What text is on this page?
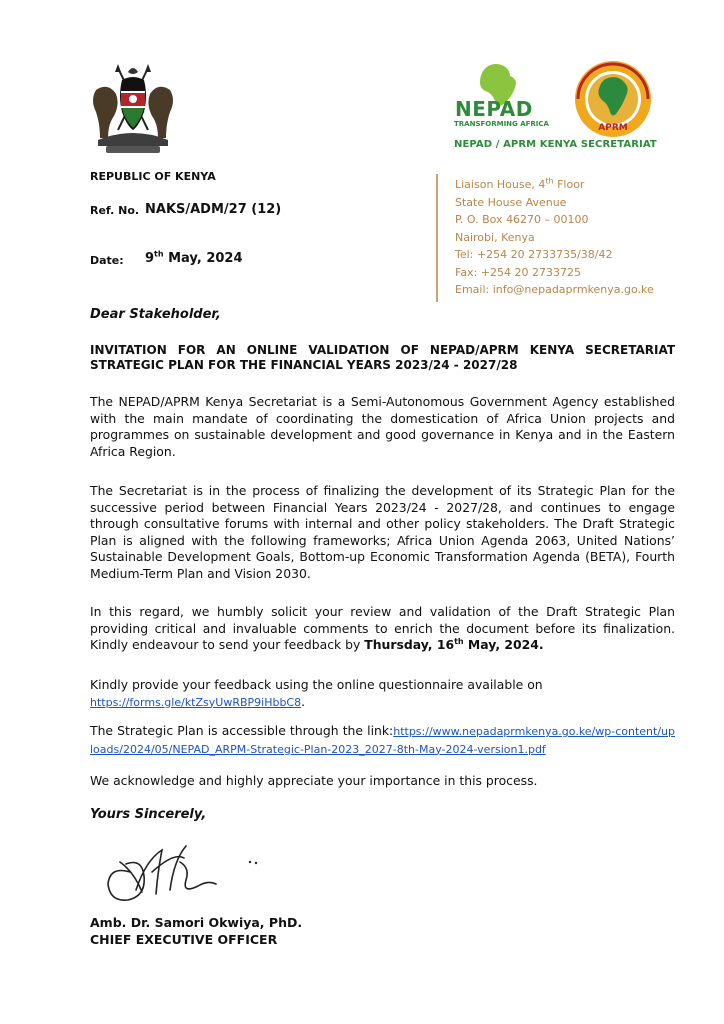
REPUBLIC OF KENYA
NEPAD
TRANSFORMING AFRICA	APRM
NEPAD / APRM KENYA SECRETARIAT
Liaison House, 4th Floor
State House Avenue
P. O. Box 46270 – 00100
Nairobi, Kenya
Tel: +254 20 2733735/38/42
Fax: +254 20 2733725
Email: info@nepadaprmkenya.go.ke
Ref. No. NAKS/ADM/27 (12)
Date: 9th May, 2024
Dear Stakeholder,
INVITATION FOR AN ONLINE VALIDATION OF NEPAD/APRM KENYA SECRETARIAT STRATEGIC PLAN FOR THE FINANCIAL YEARS 2023/24 - 2027/28
The NEPAD/APRM Kenya Secretariat is a Semi-Autonomous Government Agency established with the main mandate of coordinating the domestication of Africa Union projects and programmes on sustainable development and good governance in Kenya and in the Eastern Africa Region.
The Secretariat is in the process of finalizing the development of its Strategic Plan for the successive period between Financial Years 2023/24 - 2027/28, and continues to engage through consultative forums with internal and other policy stakeholders. The Draft Strategic Plan is aligned with the following frameworks; Africa Union Agenda 2063, United Nations’ Sustainable Development Goals, Bottom-up Economic Transformation Agenda (BETA), Fourth Medium-Term Plan and Vision 2030.
In this regard, we humbly solicit your review and validation of the Draft Strategic Plan providing critical and invaluable comments to enrich the document before its finalization. Kindly endeavour to send your feedback by Thursday, 16th May, 2024.
Kindly provide your feedback using the online questionnaire available on
https://forms.gle/ktZsyUwRBP9iHbbC8.
The Strategic Plan is accessible through the link:https://www.nepadaprmkenya.go.ke/wp-content/uploads/2024/05/NEPAD_ARPM-Strategic-Plan-2023_2027-8th-May-2024-version1.pdf
We acknowledge and highly appreciate your importance in this process.
Yours Sincerely,
Amb. Dr. Samori Okwiya, PhD.
CHIEF EXECUTIVE OFFICER
